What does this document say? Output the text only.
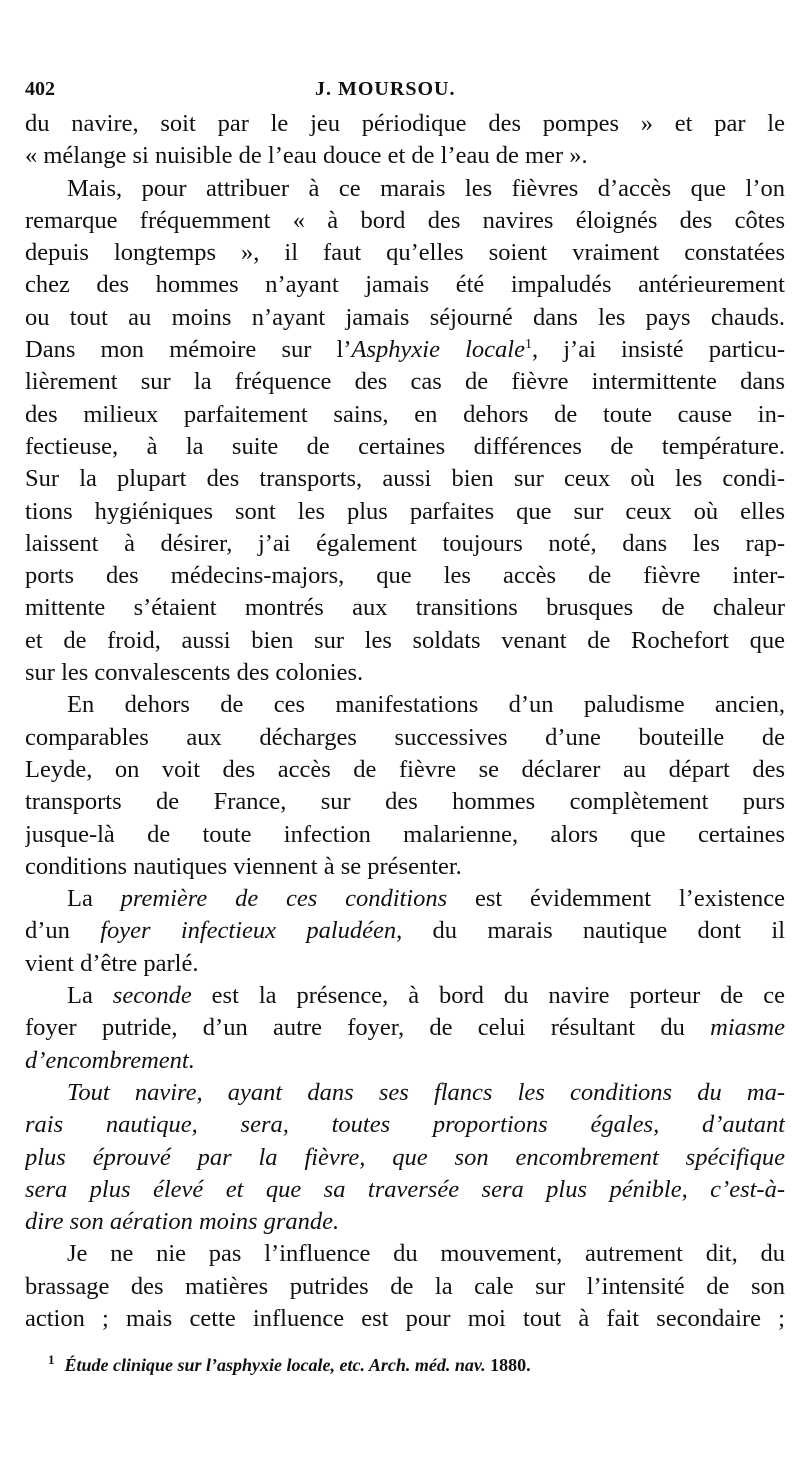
402	J. MOURSOU.

du navire, soit par le jeu périodique des pompes » et par le
« mélange si nuisible de l’eau douce et de l’eau de mer ».

Mais, pour attribuer à ce marais les fièvres d’accès que l’on
remarque fréquemment « à bord des navires éloignés des côtes
depuis longtemps », il faut qu’elles soient vraiment constatées
chez des hommes n’ayant jamais été impaludés antérieurement
ou tout au moins n’ayant jamais séjourné dans les pays chauds.
Dans mon mémoire sur l’Asphyxie locale$^1$, j’ai insisté particu-
lièrement sur la fréquence des cas de fièvre intermittente dans
des milieux parfaitement sains, en dehors de toute cause in-
fectieuse, à la suite de certaines différences de température.
Sur la plupart des transports, aussi bien sur ceux où les condi-
tions hygiéniques sont les plus parfaites que sur ceux où elles
laissent à désirer, j’ai également toujours noté, dans les rap-
ports des médecins-majors, que les accès de fièvre inter-
mittente s’étaient montrés aux transitions brusques de chaleur
et de froid, aussi bien sur les soldats venant de Rochefort que
sur les convalescents des colonies.

En dehors de ces manifestations d’un paludisme ancien,
comparables aux décharges successives d’une bouteille de
Leyde, on voit des accès de fièvre se déclarer au départ des
transports de France, sur des hommes complètement purs
jusque-là de toute infection malarienne, alors que certaines
conditions nautiques viennent à se présenter.

La première de ces conditions est évidemment l’existence
d’un foyer infectieux paludéen, du marais nautique dont il
vient d’être parlé.

La seconde est la présence, à bord du navire porteur de ce
foyer putride, d’un autre foyer, de celui résultant du miasme
d’encombrement.

Tout navire, ayant dans ses flancs les conditions du ma-
rais nautique, sera, toutes proportions égales, d’autant
plus éprouvé par la fièvre, que son encombrement spécifique
sera plus élevé et que sa traversée sera plus pénible, c’est-à-
dire son aération moins grande.

Je ne nie pas l’influence du mouvement, autrement dit, du
brassage des matières putrides de la cale sur l’intensité de son
action ; mais cette influence est pour moi tout à fait secondaire ;

$^1$ Étude clinique sur l’asphyxie locale, etc. Arch. méd. nav. 1880.
